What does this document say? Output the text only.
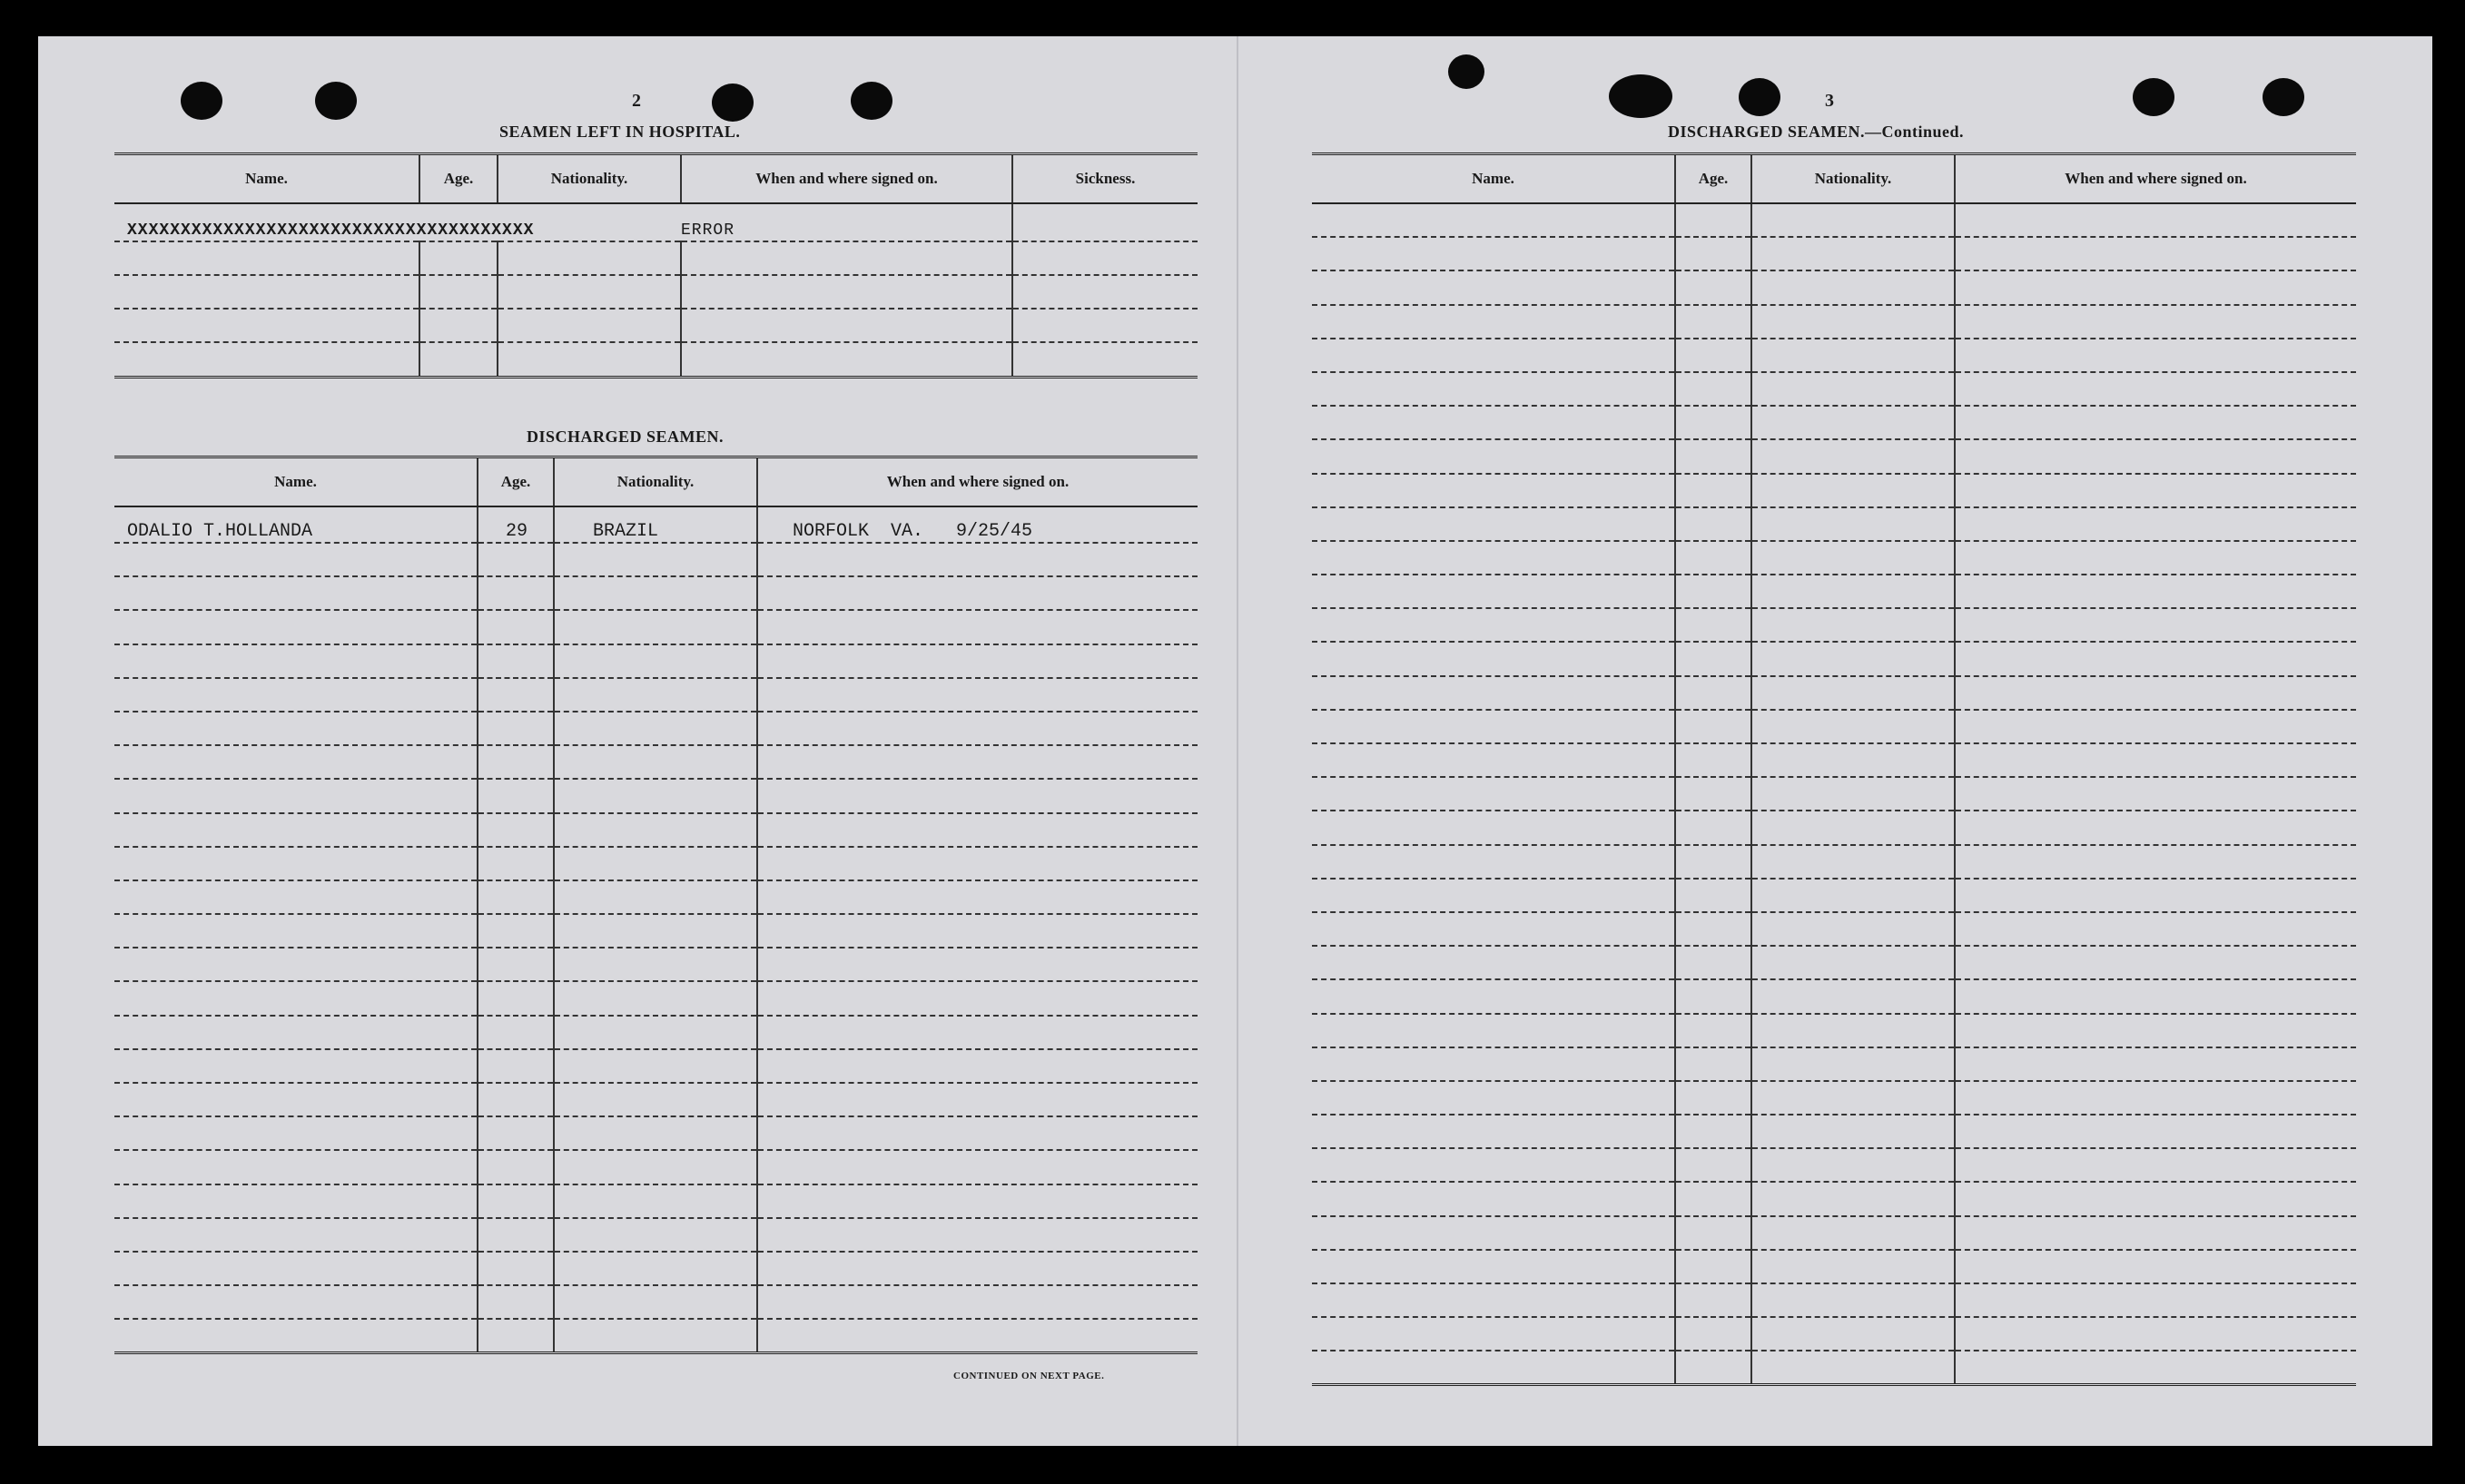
2
SEAMEN LEFT IN HOSPITAL.
Name.	Age.	Nationality.	When and where signed on.	Sickness.
XXXXXXXXXXXXXXXXXXXXXXXXXXXXXXXXXXXXXX			ERROR	

DISCHARGED SEAMEN.
Name.	Age.	Nationality.	When and where signed on.
ODALIO T.HOLLANDA	29	BRAZIL	NORFOLK  VA.   9/25/45

CONTINUED ON NEXT PAGE.
3
DISCHARGED SEAMEN.—Continued.
Name.	Age.	Nationality.	When and where signed on.
